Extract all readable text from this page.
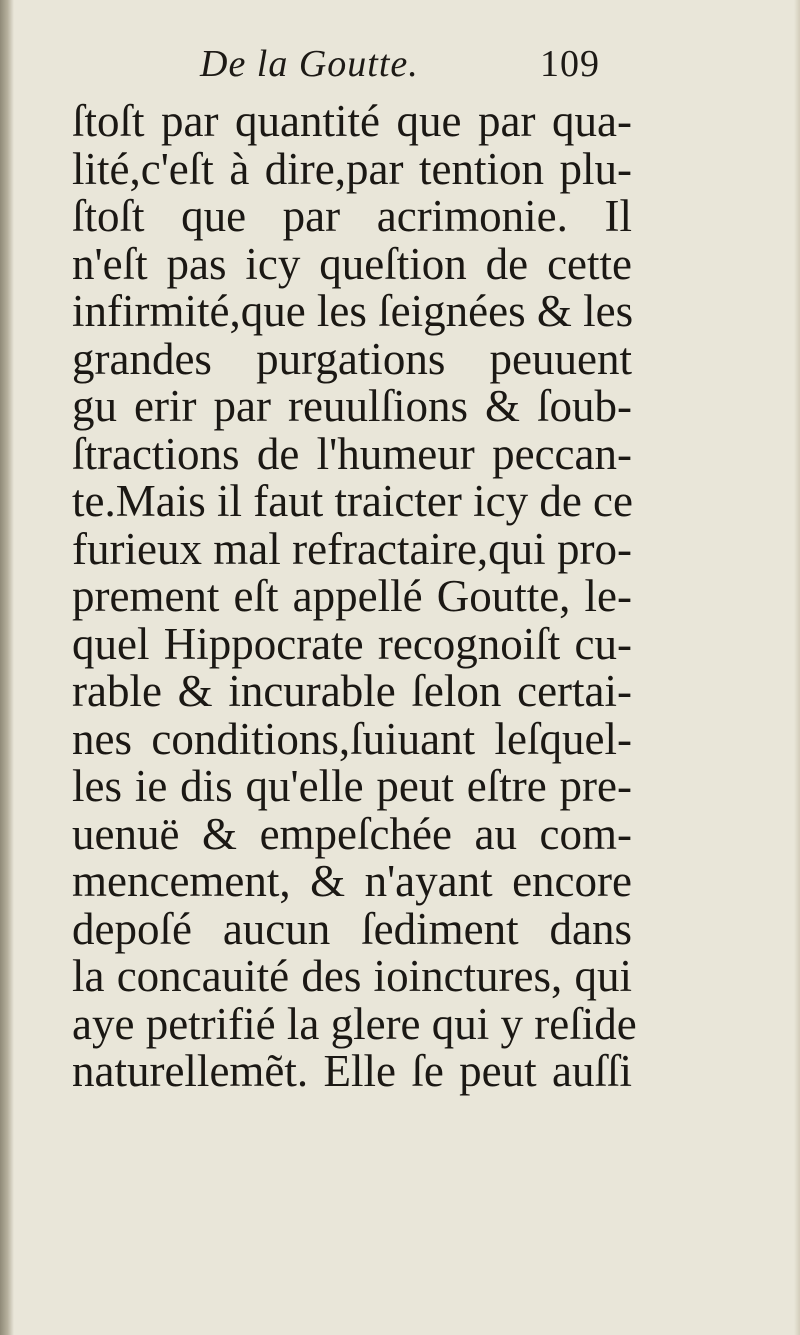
De la Goutte.	109
ſtoſt par quantité que par qua-
lité,c'eſt à dire,par tention plu-
ſtoſt que par acrimonie. Il
n'eſt pas icy queſtion de cette
infirmité,que les ſeignées & les
grandes purgations peuuent
gu erir par reuulſions & ſoub-
ſtractions de l'humeur peccan-
te.Mais il faut traicter icy de ce
furieux mal refractaire,qui pro-
prement eſt appellé Goutte, le-
quel Hippocrate recognoiſt cu-
rable & incurable ſelon certai-
nes conditions,ſuiuant leſquel-
les ie dis qu'elle peut eſtre pre-
uenuë & empeſchée au com-
mencement, & n'ayant encore
depoſé aucun ſediment dans
la concauité des ioinctures, qui
aye petrifié la glere qui y reſide
naturellemẽt. Elle ſe peut auſſi
